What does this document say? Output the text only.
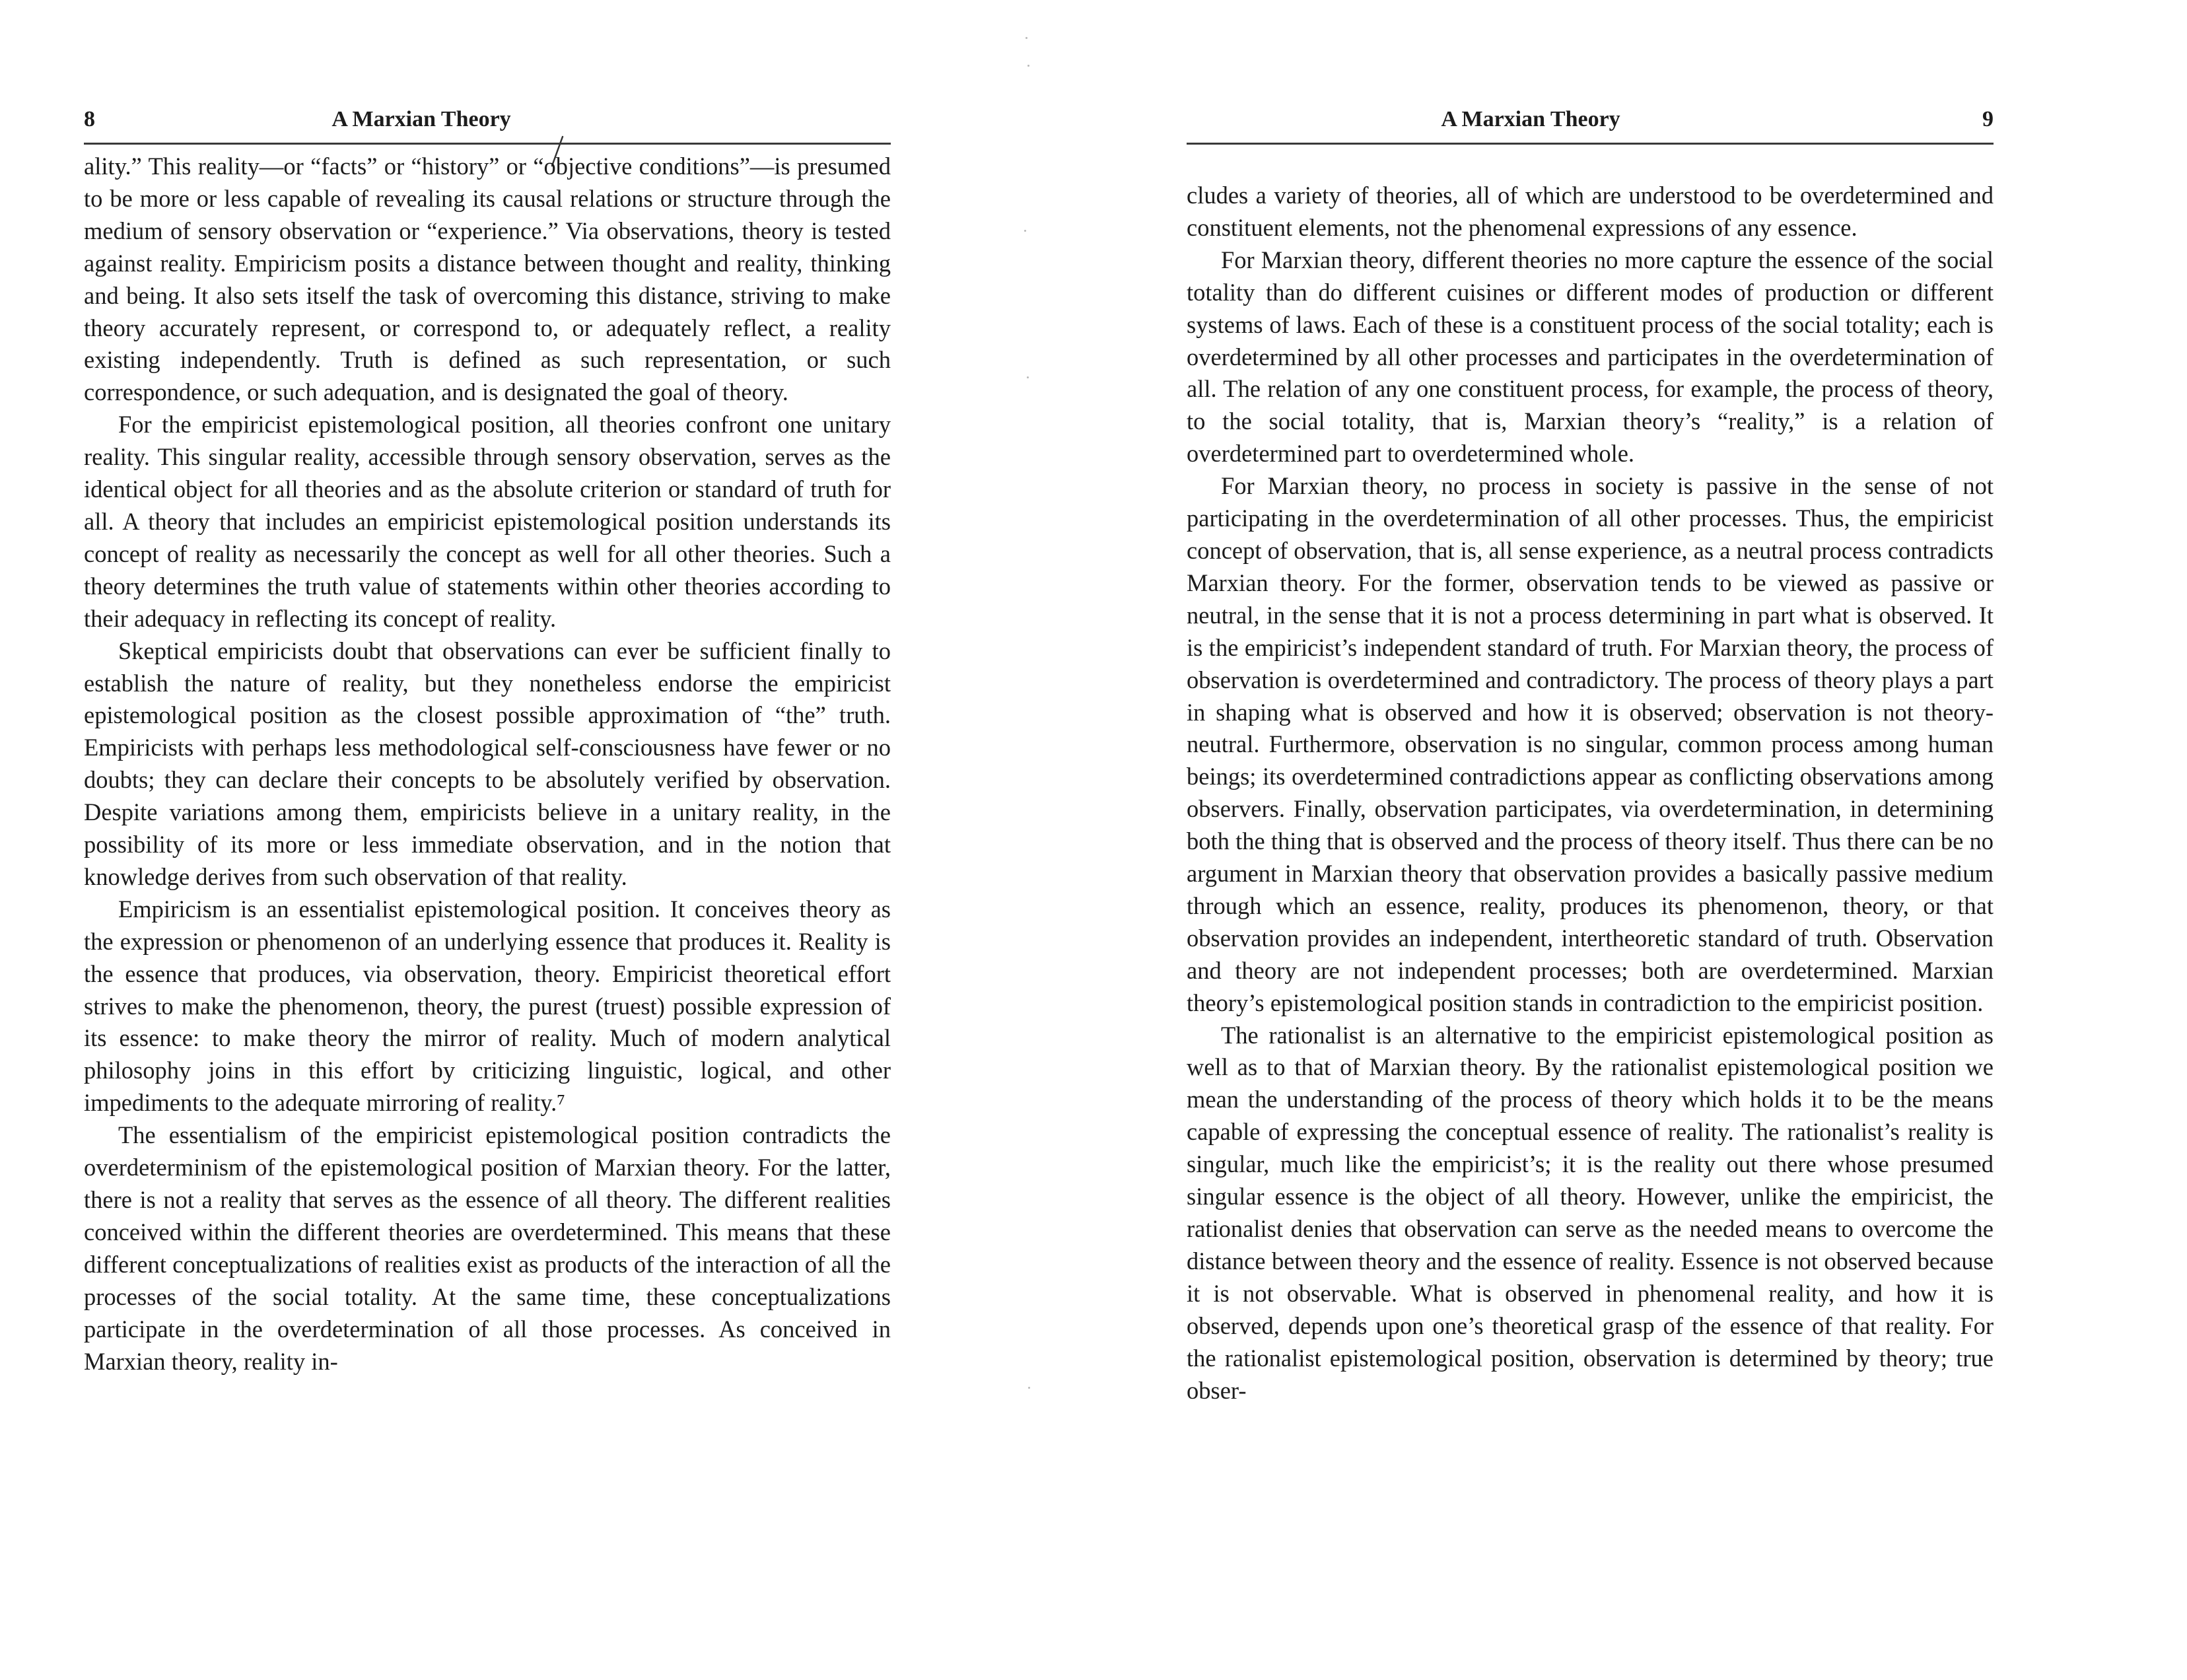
8	A Marxian Theory

ality.” This reality—or “facts” or “history” or “objective conditions”—is presumed to be more or less capable of revealing its causal relations or structure through the medium of sensory observation or “experience.” Via observations, theory is tested against reality. Empiricism posits a distance between thought and reality, thinking and being. It also sets itself the task of overcoming this distance, striving to make theory accurately represent, or correspond to, or adequately reflect, a reality existing independently. Truth is defined as such representation, or such correspondence, or such adequation, and is designated the goal of theory.

For the empiricist epistemological position, all theories confront one unitary reality. This singular reality, accessible through sensory observation, serves as the identical object for all theories and as the absolute criterion or standard of truth for all. A theory that includes an empiricist epistemological position understands its concept of reality as necessarily the concept as well for all other theories. Such a theory determines the truth value of statements within other theories according to their adequacy in reflecting its concept of reality.

Skeptical empiricists doubt that observations can ever be sufficient finally to establish the nature of reality, but they nonetheless endorse the empiricist epistemological position as the closest possible approximation of “the” truth. Empiricists with perhaps less methodological self-consciousness have fewer or no doubts; they can declare their concepts to be absolutely verified by observation. Despite variations among them, empiricists believe in a unitary reality, in the possibility of its more or less immediate observation, and in the notion that knowledge derives from such observation of that reality.

Empiricism is an essentialist epistemological position. It conceives theory as the expression or phenomenon of an underlying essence that produces it. Reality is the essence that produces, via observation, theory. Empiricist theoretical effort strives to make the phenomenon, theory, the purest (truest) possible expression of its essence: to make theory the mirror of reality. Much of modern analytical philosophy joins in this effort by criticizing linguistic, logical, and other impediments to the adequate mirroring of reality.⁷

The essentialism of the empiricist epistemological position contradicts the overdeterminism of the epistemological position of Marxian theory. For the latter, there is not a reality that serves as the essence of all theory. The different realities conceived within the different theories are overdetermined. This means that these different conceptualizations of realities exist as products of the interaction of all the processes of the social totality. At the same time, these conceptualizations participate in the overdetermination of all those processes. As conceived in Marxian theory, reality in-

A Marxian Theory	9

cludes a variety of theories, all of which are understood to be overdetermined and constituent elements, not the phenomenal expressions of any essence.

For Marxian theory, different theories no more capture the essence of the social totality than do different cuisines or different modes of production or different systems of laws. Each of these is a constituent process of the social totality; each is overdetermined by all other processes and participates in the overdetermination of all. The relation of any one constituent process, for example, the process of theory, to the social totality, that is, Marxian theory’s “reality,” is a relation of overdetermined part to overdetermined whole.

For Marxian theory, no process in society is passive in the sense of not participating in the overdetermination of all other processes. Thus, the empiricist concept of observation, that is, all sense experience, as a neutral process contradicts Marxian theory. For the former, observation tends to be viewed as passive or neutral, in the sense that it is not a process determining in part what is observed. It is the empiricist’s independent standard of truth. For Marxian theory, the process of observation is overdetermined and contradictory. The process of theory plays a part in shaping what is observed and how it is observed; observation is not theory-neutral. Furthermore, observation is no singular, common process among human beings; its overdetermined contradictions appear as conflicting observations among observers. Finally, observation participates, via overdetermination, in determining both the thing that is observed and the process of theory itself. Thus there can be no argument in Marxian theory that observation provides a basically passive medium through which an essence, reality, produces its phenomenon, theory, or that observation provides an independent, intertheoretic standard of truth. Observation and theory are not independent processes; both are overdetermined. Marxian theory’s epistemological position stands in contradiction to the empiricist position.

The rationalist is an alternative to the empiricist epistemological position as well as to that of Marxian theory. By the rationalist epistemological position we mean the understanding of the process of theory which holds it to be the means capable of expressing the conceptual essence of reality. The rationalist’s reality is singular, much like the empiricist’s; it is the reality out there whose presumed singular essence is the object of all theory. However, unlike the empiricist, the rationalist denies that observation can serve as the needed means to overcome the distance between theory and the essence of reality. Essence is not observed because it is not observable. What is observed in phenomenal reality, and how it is observed, depends upon one’s theoretical grasp of the essence of that reality. For the rationalist epistemological position, observation is determined by theory; true obser-
